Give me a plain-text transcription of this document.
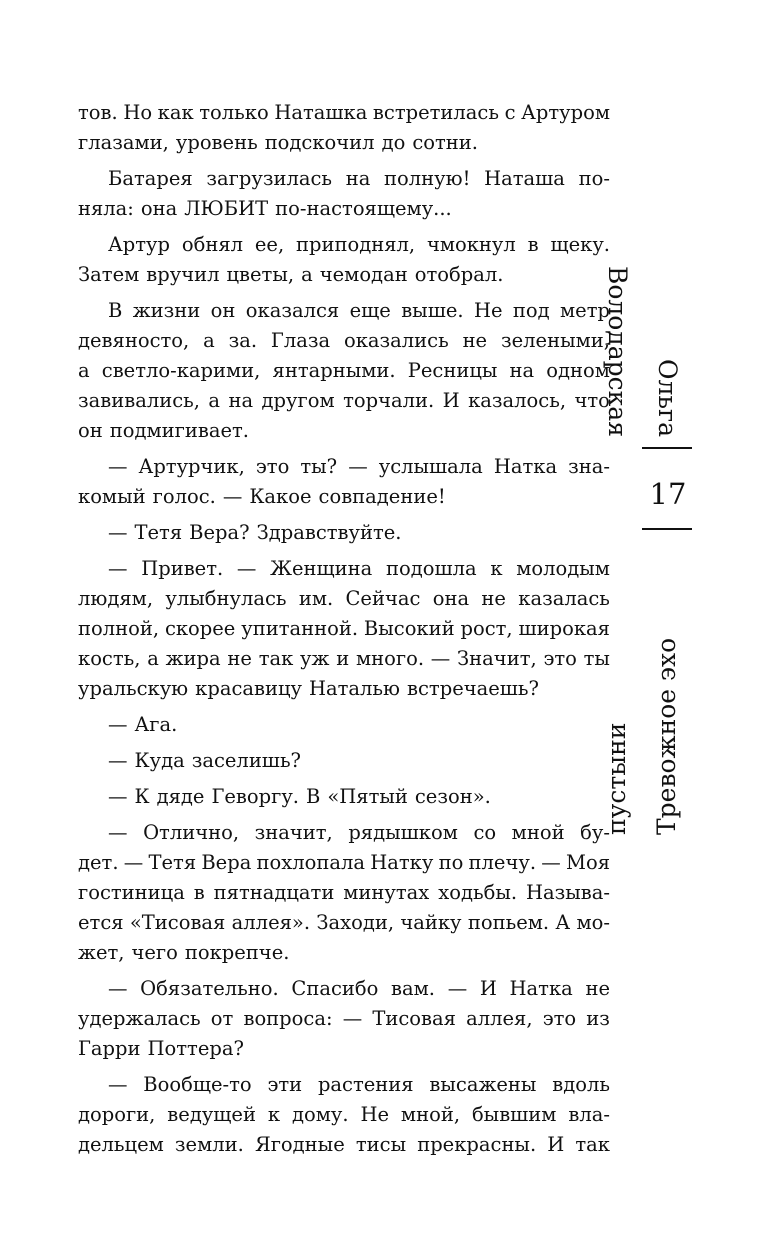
тов. Но как только Наташка встретилась с Артуром
глазами, уровень подскочил до сотни.
Батарея загрузилась на полную! Наташа по-
няла: она ЛЮБИТ по-настоящему...
Артур обнял ее, приподнял, чмокнул в щеку.
Затем вручил цветы, а чемодан отобрал.
В жизни он оказался еще выше. Не под метр
девяносто, а за. Глаза оказались не зелеными,
а светло-карими, янтарными. Ресницы на одном
завивались, а на другом торчали. И казалось, что
он подмигивает.
— Артурчик, это ты? — услышала Натка зна-
комый голос. — Какое совпадение!
— Тетя Вера? Здравствуйте.
— Привет. — Женщина подошла к молодым
людям, улыбнулась им. Сейчас она не казалась
полной, скорее упитанной. Высокий рост, широкая
кость, а жира не так уж и много. — Значит, это ты
уральскую красавицу Наталью встречаешь?
— Ага.
— Куда заселишь?
— К дяде Геворгу. В «Пятый сезон».
— Отлично, значит, рядышком со мной бу-
дет. — Тетя Вера похлопала Натку по плечу. — Моя
гостиница в пятнадцати минутах ходьбы. Называ-
ется «Тисовая аллея». Заходи, чайку попьем. А мо-
жет, чего покрепче.
— Обязательно. Спасибо вам. — И Натка не
удержалась от вопроса: — Тисовая аллея, это из
Гарри Поттера?
— Вообще-то эти растения высажены вдоль
дороги, ведущей к дому. Не мной, бывшим вла-
дельцем земли. Ягодные тисы прекрасны. И так
Ольга Володарская
17
Тревожное эхо пустыни
